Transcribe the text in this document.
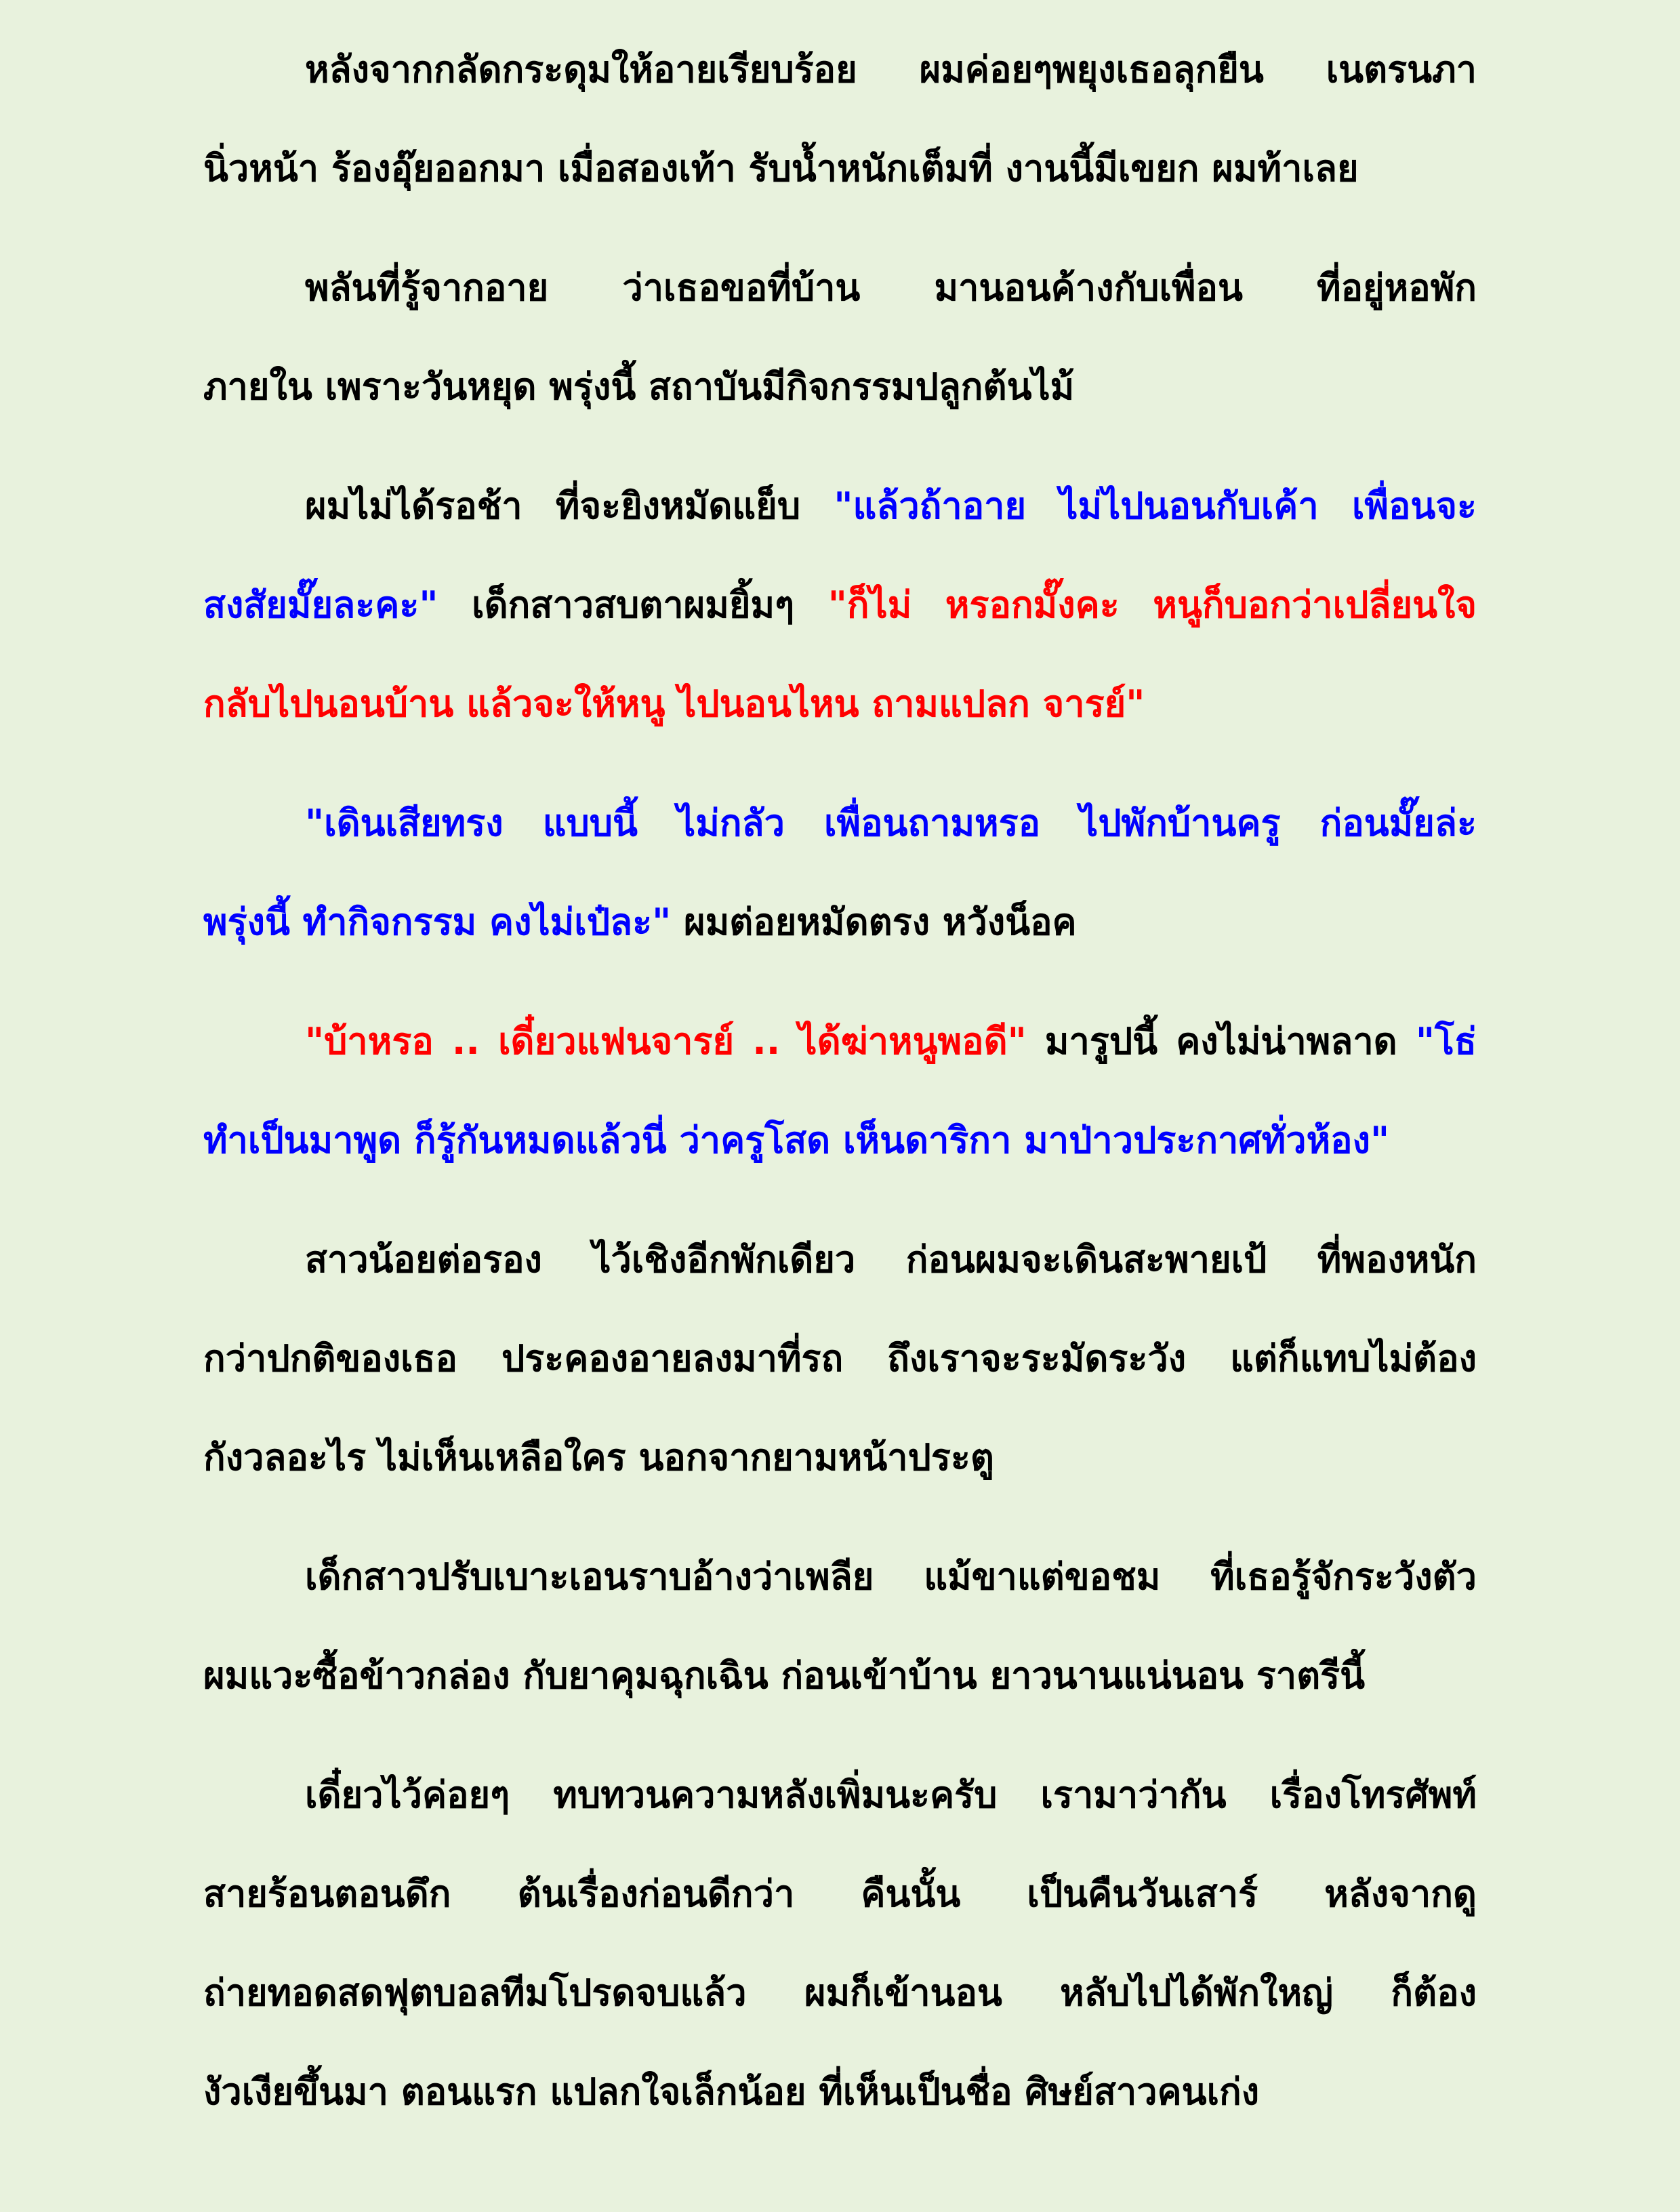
หลังจากกลัดกระดุมให้อายเรียบร้อย ผมค่อยๆพยุงเธอลุกยืน เนตรนภา
นิ่วหน้า ร้องอุ๊ยออกมา เมื่อสองเท้า รับน้ำหนักเต็มที่ งานนี้มีเขยก ผมท้าเลย
พลันที่รู้จากอาย ว่าเธอขอที่บ้าน มานอนค้างกับเพื่อน ที่อยู่หอพัก
ภายใน เพราะวันหยุด พรุ่งนี้ สถาบันมีกิจกรรมปลูกต้นไม้
ผมไม่ได้รอช้า ที่จะยิงหมัดแย็บ "แล้วถ้าอาย ไม่ไปนอนกับเค้า เพื่อนจะ
สงสัยมั๊ยละคะ" เด็กสาวสบตาผมยิ้มๆ "ก็ไม่ หรอกมั๊งคะ หนูก็บอกว่าเปลี่ยนใจ
กลับไปนอนบ้าน แล้วจะให้หนู ไปนอนไหน ถามแปลก จารย์"
"เดินเสียทรง แบบนี้ ไม่กลัว เพื่อนถามหรอ ไปพักบ้านครู ก่อนมั๊ยล่ะ
พรุ่งนี้ ทำกิจกรรม คงไม่เป๋ละ" ผมต่อยหมัดตรง หวังน็อค
"บ้าหรอ .. เดี๋ยวแฟนจารย์ .. ได้ฆ่าหนูพอดี" มารูปนี้ คงไม่น่าพลาด "โธ่
ทำเป็นมาพูด ก็รู้กันหมดแล้วนี่ ว่าครูโสด เห็นดาริกา มาป่าวประกาศทั่วห้อง"
สาวน้อยต่อรอง ไว้เชิงอีกพักเดียว ก่อนผมจะเดินสะพายเป้ ที่พองหนัก
กว่าปกติของเธอ ประคองอายลงมาที่รถ ถึงเราจะระมัดระวัง แต่ก็แทบไม่ต้อง
กังวลอะไร ไม่เห็นเหลือใคร นอกจากยามหน้าประตู
เด็กสาวปรับเบาะเอนราบอ้างว่าเพลีย แม้ขาแต่ขอชม ที่เธอรู้จักระวังตัว
ผมแวะซื้อข้าวกล่อง กับยาคุมฉุกเฉิน ก่อนเข้าบ้าน ยาวนานแน่นอน ราตรีนี้
เดี๋ยวไว้ค่อยๆ ทบทวนความหลังเพิ่มนะครับ เรามาว่ากัน เรื่องโทรศัพท์
สายร้อนตอนดึก ต้นเรื่องก่อนดีกว่า คืนนั้น เป็นคืนวันเสาร์ หลังจากดู
ถ่ายทอดสดฟุตบอลทีมโปรดจบแล้ว ผมก็เข้านอน หลับไปได้พักใหญ่ ก็ต้อง
งัวเงียขึ้นมา ตอนแรก แปลกใจเล็กน้อย ที่เห็นเป็นชื่อ ศิษย์สาวคนเก่ง
